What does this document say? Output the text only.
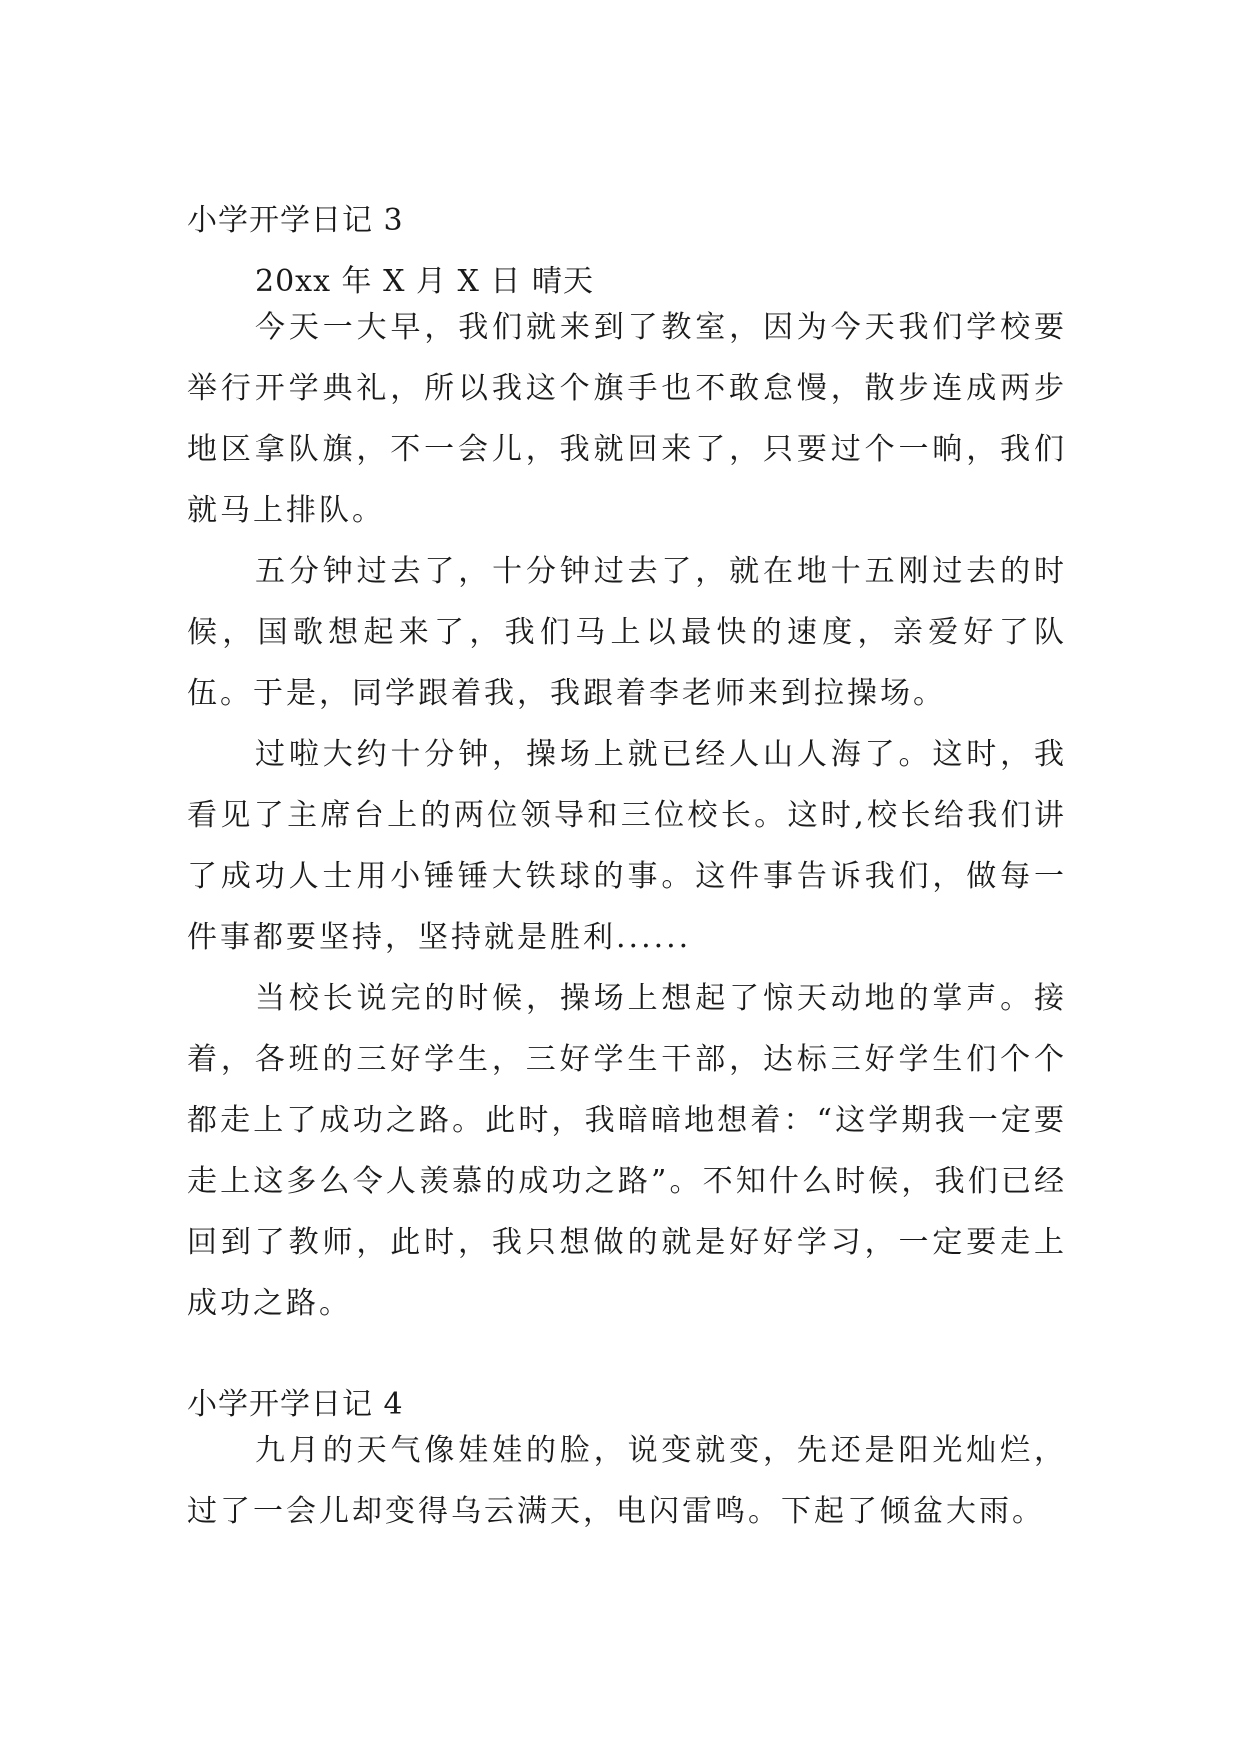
小学开学日记 3
20xx 年 X 月 X 日 晴天

今天一大早，我们就来到了教室，因为今天我们学校要举行开学典礼，所以我这个旗手也不敢怠慢，散步连成两步地区拿队旗，不一会儿，我就回来了，只要过个一晌，我们就马上排队。

五分钟过去了，十分钟过去了，就在地十五刚过去的时候，国歌想起来了，我们马上以最快的速度，亲爱好了队伍。于是，同学跟着我，我跟着李老师来到拉操场。

过啦大约十分钟，操场上就已经人山人海了。这时，我看见了主席台上的两位领导和三位校长。这时,校长给我们讲了成功人士用小锤锤大铁球的事。这件事告诉我们，做每一件事都要坚持，坚持就是胜利......

当校长说完的时候，操场上想起了惊天动地的掌声。接着，各班的三好学生，三好学生干部，达标三好学生们个个都走上了成功之路。此时，我暗暗地想着：“这学期我一定要走上这多么令人羡慕的成功之路”。不知什么时候，我们已经回到了教师，此时，我只想做的就是好好学习，一定要走上成功之路。

小学开学日记 4

九月的天气像娃娃的脸，说变就变，先还是阳光灿烂，过了一会儿却变得乌云满天，电闪雷鸣。下起了倾盆大雨。
